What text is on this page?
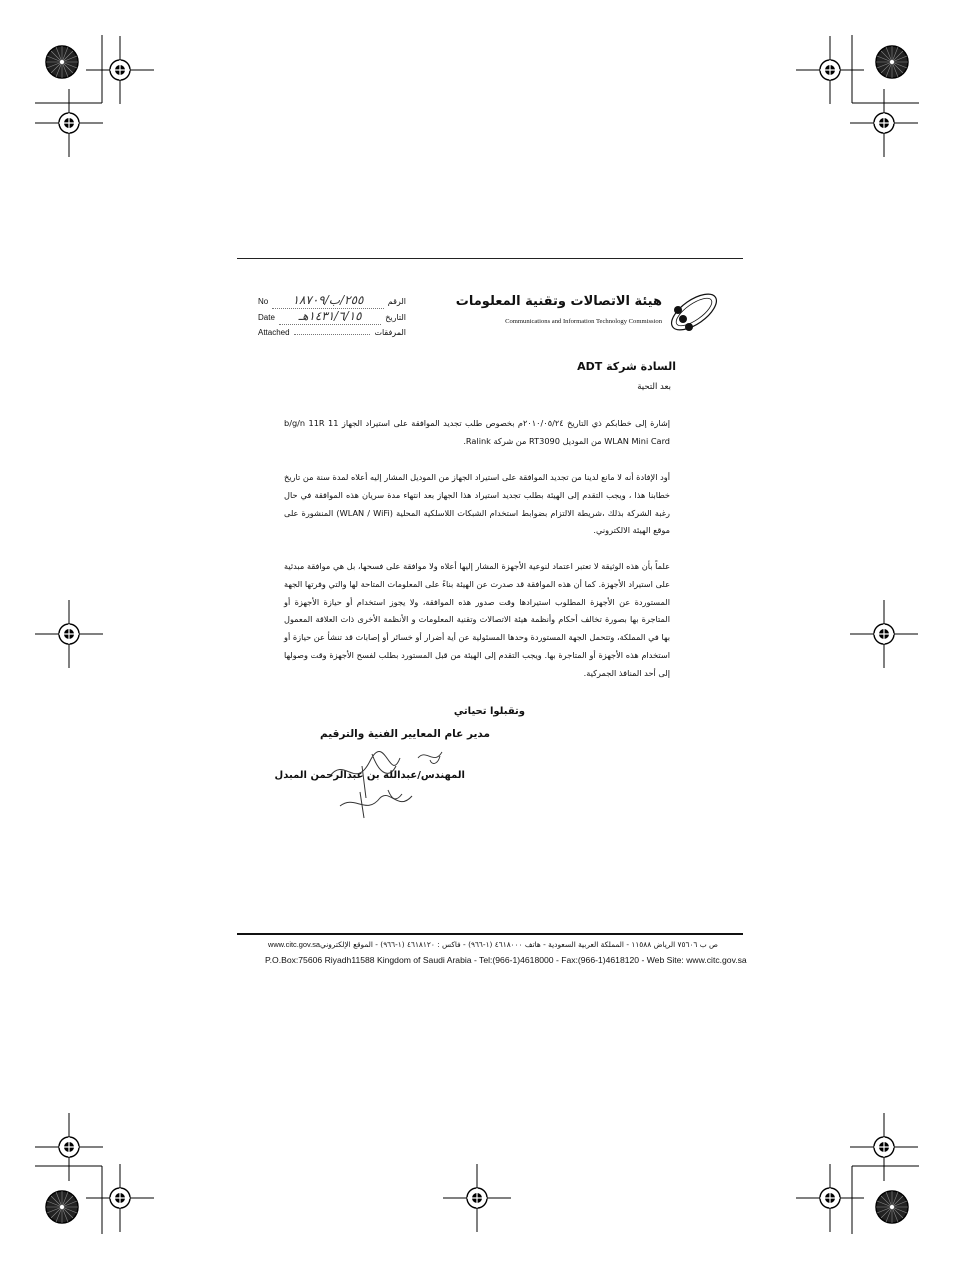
No	٢٥٥/ب/١٨٧٠٩	الرقم
Date	١٤٣١/٦/١٥هـ	التاريخ
Attached	المرفقات
هيئة الاتصالات وتقنية المعلومات
Communications and Information Technology Commission
السادة شركة ADT
بعد التحية
إشارة إلى خطابكم ذي التاريخ ٢٠١٠/٠٥/٢٤م بخصوص طلب تجديد الموافقة على استيراد الجهاز 11 b/g/n 11R WLAN Mini Card من الموديل RT3090 من شركة Ralink.
أود الإفادة أنه لا مانع لدينا من تجديد الموافقة على استيراد الجهاز من الموديل المشار إليه أعلاه لمدة سنة من تاريخ خطابنا هذا ، ويجب التقدم إلى الهيئة بطلب تجديد استيراد هذا الجهاز بعد انتهاء مدة سريان هذه الموافقة في حال رغبة الشركة بذلك ،شريطة الالتزام بضوابط استخدام الشبكات اللاسلكية المحلية (WLAN / WiFi) المنشورة على موقع الهيئة الالكتروني.
علماً بأن هذه الوثيقة لا تعتبر اعتماد لنوعية الأجهزة المشار إليها أعلاه ولا موافقة على فسحها، بل هي موافقة مبدئية على استيراد الأجهزة. كما أن هذه الموافقة قد صدرت عن الهيئة بناءً على المعلومات المتاحة لها والتي وفرتها الجهة المستوردة عن الأجهزة المطلوب استيرادها وقت صدور هذه الموافقة، ولا يجوز استخدام أو حيازة الأجهزة أو المتاجرة بها بصورة تخالف أحكام وأنظمة هيئة الاتصالات وتقنية المعلومات و الأنظمة الأخرى ذات العلاقة المعمول بها في المملكة، وتتحمل الجهة المستوردة وحدها المسئولية عن أية أضرار أو خسائر أو إصابات قد تنشأ عن حيازة أو استخدام هذه الأجهزة أو المتاجرة بها. ويجب التقدم إلى الهيئة من قبل المستورد بطلب لفسح الأجهزة وقت وصولها إلى أحد المنافذ الجمركية.
وتقبلوا تحياتي
مدير عام المعايير الفنية والترقيم
المهندس/عبدالله بن عبدالرحمن المبدل
www.citc.gov.sa ص ب ٧٥٦٠٦ الرياض ١١٥٨٨ - المملكة العربية السعودية - هاتف ٤٦١٨٠٠٠ (١-٩٦٦) - فاكس : ٤٦١٨١٢٠ (١-٩٦٦) - الموقع الإلكتروني
P.O.Box:75606 Riyadh11588 Kingdom of Saudi Arabia - Tel:(966-1)4618000 - Fax:(966-1)4618120 - Web Site: www.citc.gov.sa
